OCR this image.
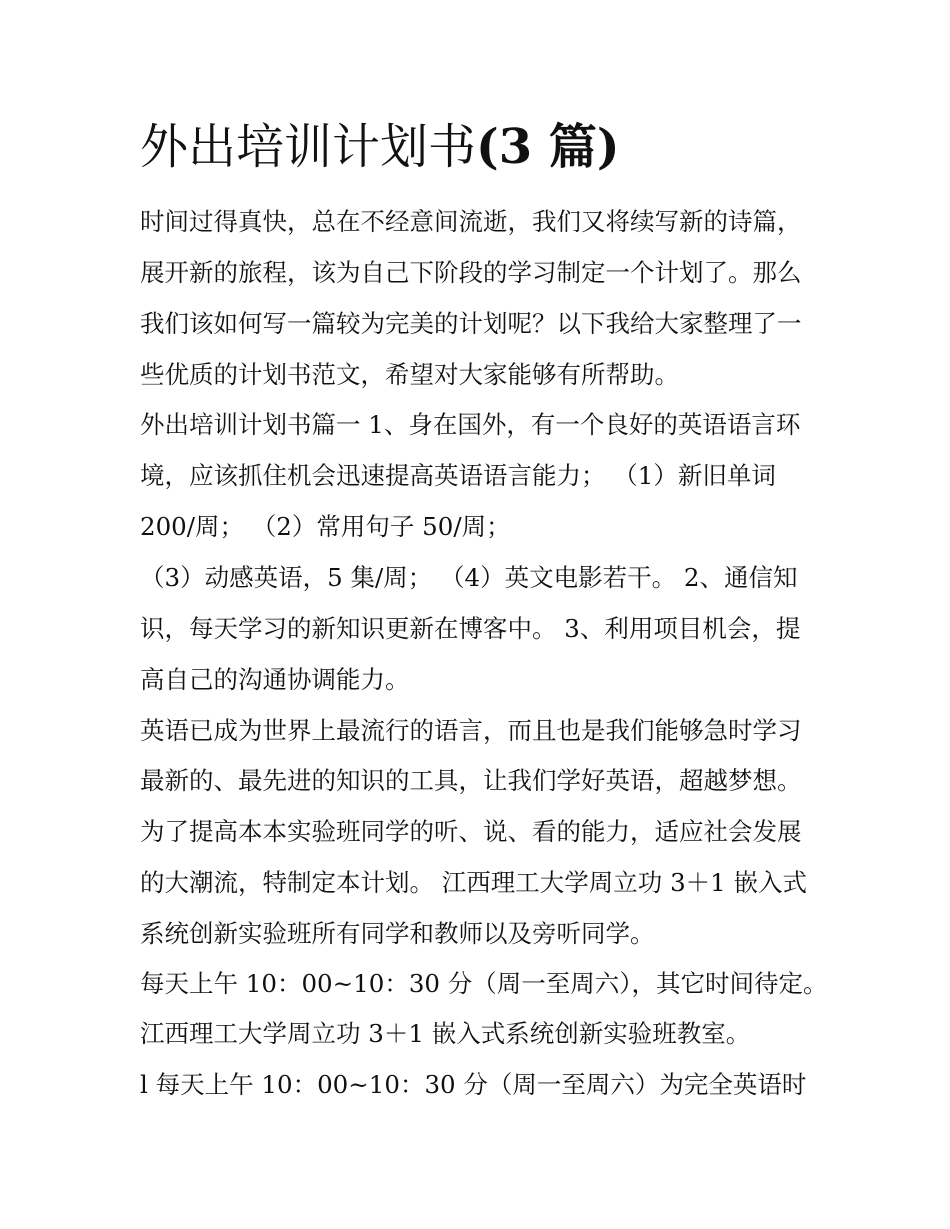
外出培训计划书(3 篇)
时间过得真快，总在不经意间流逝，我们又将续写新的诗篇，
展开新的旅程，该为自己下阶段的学习制定一个计划了。那么
我们该如何写一篇较为完美的计划呢？以下我给大家整理了一
些优质的计划书范文，希望对大家能够有所帮助。
外出培训计划书篇一 1、身在国外，有一个良好的英语语言环
境，应该抓住机会迅速提高英语语言能力； （1）新旧单词
200/周； （2）常用句子 50/周；
（3）动感英语，5 集/周； （4）英文电影若干。 2、通信知
识，每天学习的新知识更新在博客中。 3、利用项目机会，提
高自己的沟通协调能力。
英语已成为世界上最流行的语言，而且也是我们能够急时学习
最新的、最先进的知识的工具，让我们学好英语，超越梦想。
为了提高本本实验班同学的听、说、看的能力，适应社会发展
的大潮流，特制定本计划。 江西理工大学周立功 3＋1 嵌入式
系统创新实验班所有同学和教师以及旁听同学。
每天上午 10：00~10：30 分（周一至周六），其它时间待定。
江西理工大学周立功 3＋1 嵌入式系统创新实验班教室。
l 每天上午 10：00~10：30 分（周一至周六）为完全英语时
